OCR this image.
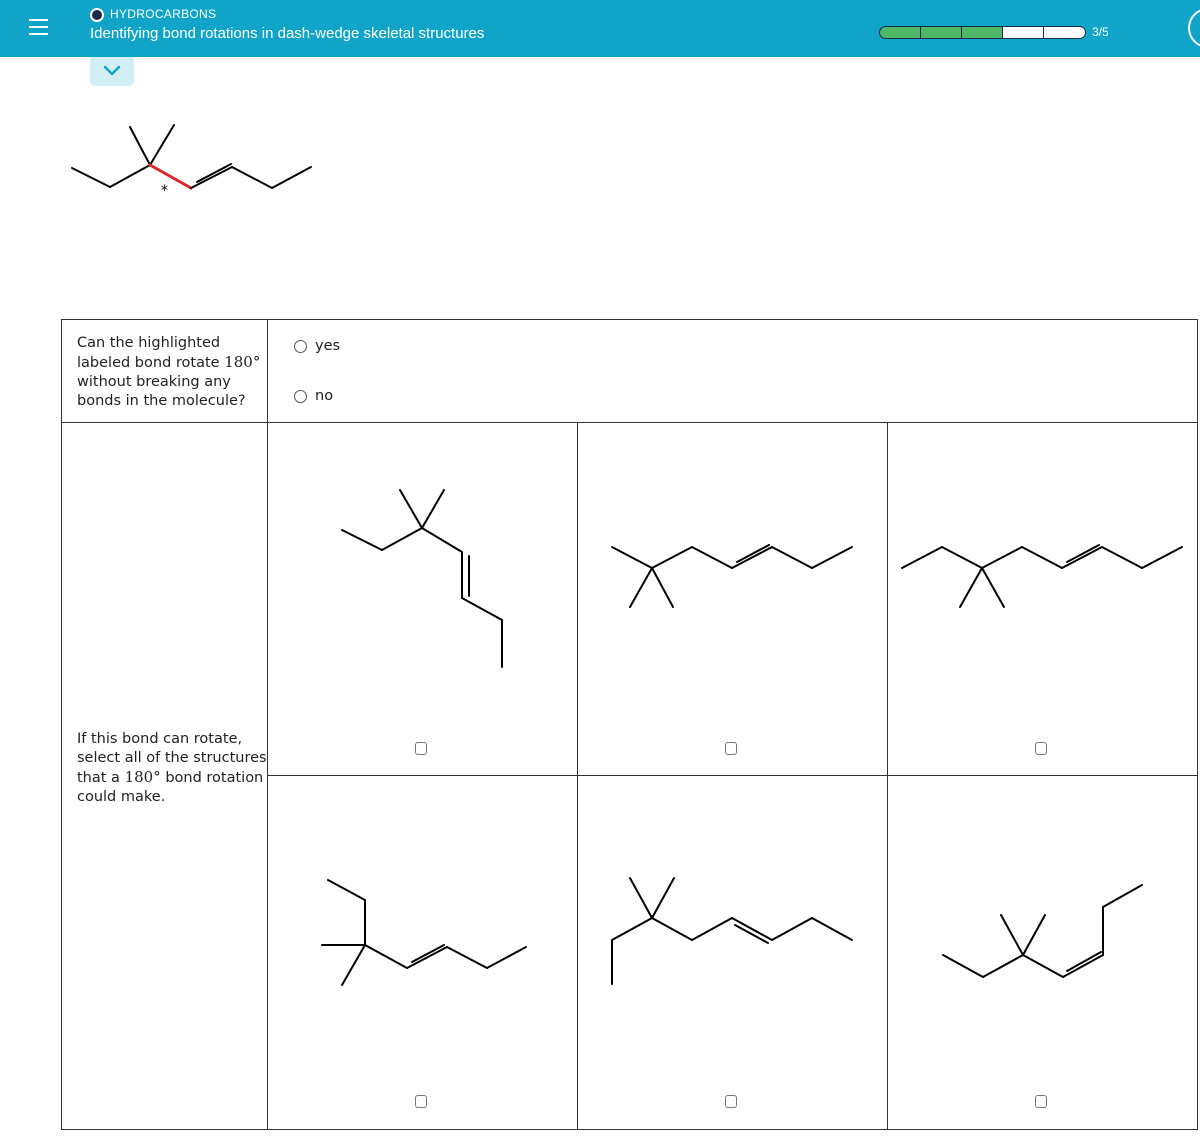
HYDROCARBONS
Identifying bond rotations in dash-wedge skeletal structures	3/5
*
Can the highlighted labeled bond rotate 180° without breaking any bonds in the molecule?
yes
no
If this bond can rotate, select all of the structures that a 180° bond rotation could make.
